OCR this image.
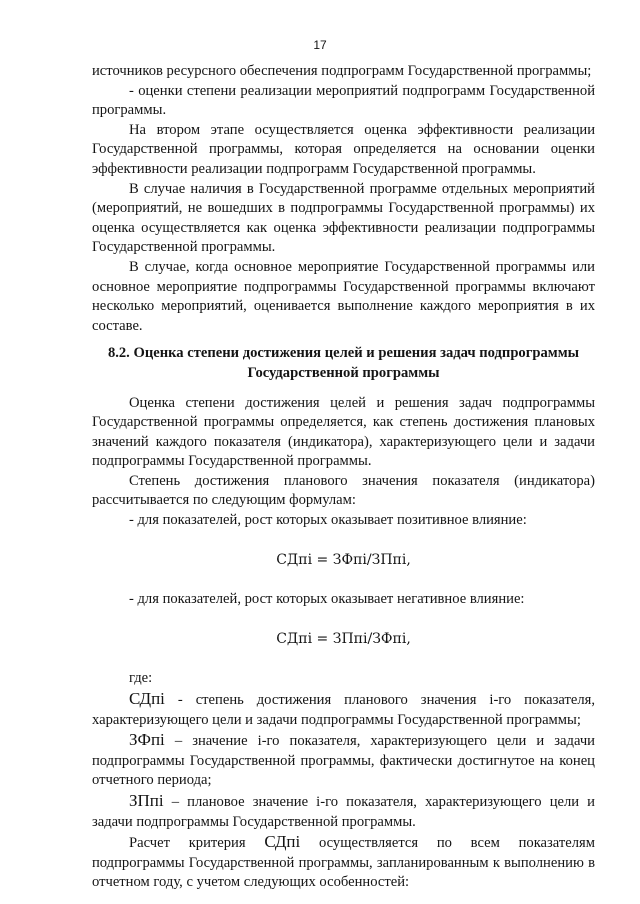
17

источников ресурсного обеспечения подпрограмм Государственной программы;

- оценки степени реализации мероприятий подпрограмм Государственной программы.

На втором этапе осуществляется оценка эффективности реализации Государственной программы, которая определяется на основании оценки эффективности реализации подпрограмм Государственной программы.

В случае наличия в Государственной программе отдельных мероприятий (мероприятий, не вошедших в подпрограммы Государственной программы) их оценка осуществляется как оценка эффективности реализации подпрограммы Государственной программы.

В случае, когда основное мероприятие Государственной программы или основное мероприятие подпрограммы Государственной программы включают несколько мероприятий, оценивается выполнение каждого мероприятия в их составе.

8.2. Оценка степени достижения целей и решения задач подпрограммы Государственной программы

Оценка степени достижения целей и решения задач подпрограммы Государственной программы определяется, как степень достижения плановых значений каждого показателя (индикатора), характеризующего цели и задачи подпрограммы Государственной программы.

Степень достижения планового значения показателя (индикатора) рассчитывается по следующим формулам:

- для показателей, рост которых оказывает позитивное влияние:

СДпi = ЗФпi/ЗПпi,

- для показателей, рост которых оказывает негативное влияние:

СДпi = ЗПпi/ЗФпi,

где:

СДпi - степень достижения планового значения i-го показателя, характеризующего цели и задачи подпрограммы Государственной программы;

ЗФпi – значение i-го показателя, характеризующего цели и задачи подпрограммы Государственной программы, фактически достигнутое на конец отчетного периода;

ЗПпi – плановое значение i-го показателя, характеризующего цели и задачи подпрограммы Государственной программы.

Расчет критерия СДпi осуществляется по всем показателям подпрограммы Государственной программы, запланированным к выполнению в отчетном году, с учетом следующих особенностей:
